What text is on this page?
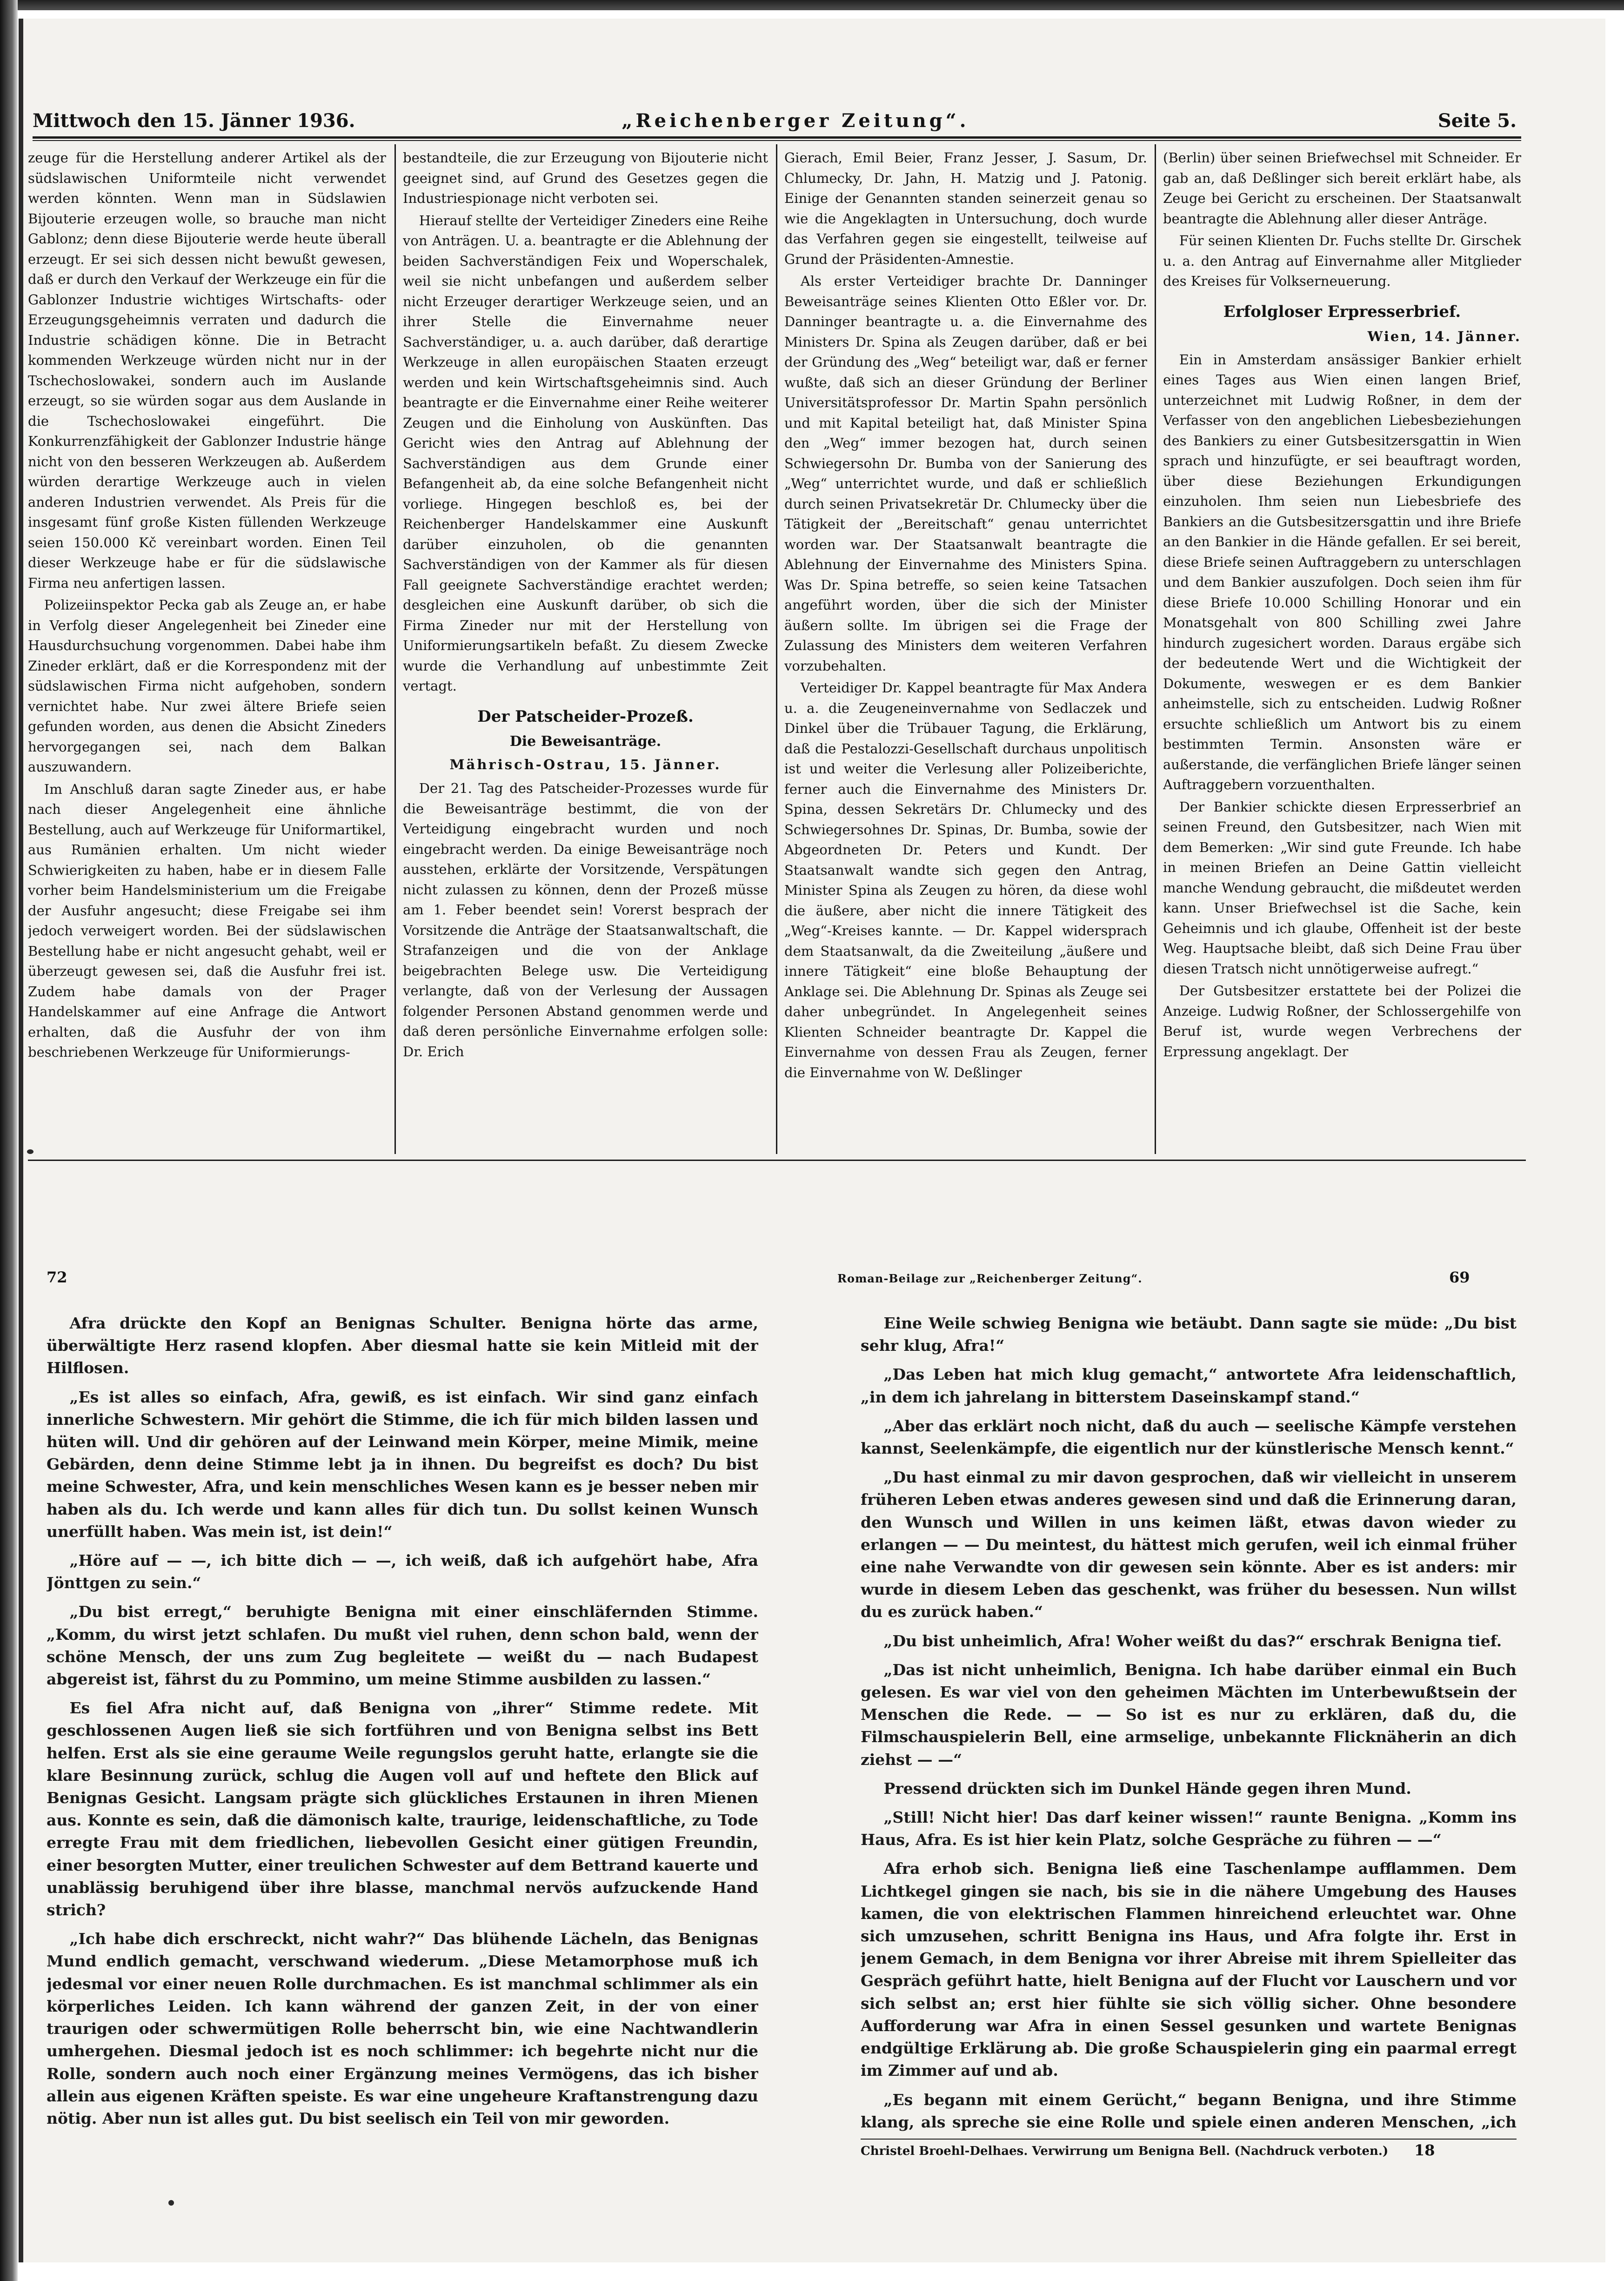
Mittwoch den 15. Jänner 1936.	„Reichenberger Zeitung“.	Seite 5.

zeuge für die Herstellung anderer Artikel als der südslawischen Uniformteile nicht verwendet werden könnten. Wenn man in Südslawien Bijouterie erzeugen wolle, so brauche man nicht Gablonz; denn diese Bijouterie werde heute überall erzeugt. Er sei sich dessen nicht bewußt gewesen, daß er durch den Verkauf der Werkzeuge ein für die Gablonzer Industrie wichtiges Wirtschafts- oder Erzeugungsgeheimnis verraten und dadurch die Industrie schädigen könne. Die in Betracht kommenden Werkzeuge würden nicht nur in der Tschechoslowakei, sondern auch im Auslande erzeugt, so sie würden sogar aus dem Auslande in die Tschechoslowakei eingeführt. Die Konkurrenzfähigkeit der Gablonzer Industrie hänge nicht von den besseren Werkzeugen ab. Außerdem würden derartige Werkzeuge auch in vielen anderen Industrien verwendet. Als Preis für die insgesamt fünf große Kisten füllenden Werkzeuge seien 150.000 Kč vereinbart worden. Einen Teil dieser Werkzeuge habe er für die südslawische Firma neu anfertigen lassen.

Polizeiinspektor Pecka gab als Zeuge an, er habe in Verfolg dieser Angelegenheit bei Zineder eine Hausdurchsuchung vorgenommen. Dabei habe ihm Zineder erklärt, daß er die Korrespondenz mit der südslawischen Firma nicht aufgehoben, sondern vernichtet habe. Nur zwei ältere Briefe seien gefunden worden, aus denen die Absicht Zineders hervorgegangen sei, nach dem Balkan auszuwandern.

Im Anschluß daran sagte Zineder aus, er habe nach dieser Angelegenheit eine ähnliche Bestellung, auch auf Werkzeuge für Uniformartikel, aus Rumänien erhalten. Um nicht wieder Schwierigkeiten zu haben, habe er in diesem Falle vorher beim Handelsministerium um die Freigabe der Ausfuhr angesucht; diese Freigabe sei ihm jedoch verweigert worden. Bei der südslawischen Bestellung habe er nicht angesucht gehabt, weil er überzeugt gewesen sei, daß die Ausfuhr frei ist. Zudem habe damals von der Prager Handelskammer auf eine Anfrage die Antwort erhalten, daß die Ausfuhr der von ihm beschriebenen Werkzeuge für Uniformierungs-

bestandteile, die zur Erzeugung von Bijouterie nicht geeignet sind, auf Grund des Gesetzes gegen die Industriespionage nicht verboten sei.

Hierauf stellte der Verteidiger Zineders eine Reihe von Anträgen. U. a. beantragte er die Ablehnung der beiden Sachverständigen Feix und Woperschalek, weil sie nicht unbefangen und außerdem selber nicht Erzeuger derartiger Werkzeuge seien, und an ihrer Stelle die Einvernahme neuer Sachverständiger, u. a. auch darüber, daß derartige Werkzeuge in allen europäischen Staaten erzeugt werden und kein Wirtschaftsgeheimnis sind. Auch beantragte er die Einvernahme einer Reihe weiterer Zeugen und die Einholung von Auskünften. Das Gericht wies den Antrag auf Ablehnung der Sachverständigen aus dem Grunde einer Befangenheit ab, da eine solche Befangenheit nicht vorliege. Hingegen beschloß es, bei der Reichenberger Handelskammer eine Auskunft darüber einzuholen, ob die genannten Sachverständigen von der Kammer als für diesen Fall geeignete Sachverständige erachtet werden; desgleichen eine Auskunft darüber, ob sich die Firma Zineder nur mit der Herstellung von Uniformierungsartikeln befaßt. Zu diesem Zwecke wurde die Verhandlung auf unbestimmte Zeit vertagt.

Der Patscheider-Prozeß.
Die Beweisanträge.
Mährisch-Ostrau, 15. Jänner.

Der 21. Tag des Patscheider-Prozesses wurde für die Beweisanträge bestimmt, die von der Verteidigung eingebracht wurden und noch eingebracht werden. Da einige Beweisanträge noch ausstehen, erklärte der Vorsitzende, Verspätungen nicht zulassen zu können, denn der Prozeß müsse am 1. Feber beendet sein! Vorerst besprach der Vorsitzende die Anträge der Staatsanwaltschaft, die Strafanzeigen und die von der Anklage beigebrachten Belege usw. Die Verteidigung verlangte, daß von der Verlesung der Aussagen folgender Personen Abstand genommen werde und daß deren persönliche Einvernahme erfolgen solle: Dr. Erich

Gierach, Emil Beier, Franz Jesser, J. Sasum, Dr. Chlumecky, Dr. Jahn, H. Matzig und J. Patonig. Einige der Genannten standen seinerzeit genau so wie die Angeklagten in Untersuchung, doch wurde das Verfahren gegen sie eingestellt, teilweise auf Grund der Präsidenten-Amnestie.

Als erster Verteidiger brachte Dr. Danninger Beweisanträge seines Klienten Otto Eßler vor. Dr. Danninger beantragte u. a. die Einvernahme des Ministers Dr. Spina als Zeugen darüber, daß er bei der Gründung des „Weg“ beteiligt war, daß er ferner wußte, daß sich an dieser Gründung der Berliner Universitätsprofessor Dr. Martin Spahn persönlich und mit Kapital beteiligt hat, daß Minister Spina den „Weg“ immer bezogen hat, durch seinen Schwiegersohn Dr. Bumba von der Sanierung des „Weg“ unterrichtet wurde, und daß er schließlich durch seinen Privatsekretär Dr. Chlumecky über die Tätigkeit der „Bereitschaft“ genau unterrichtet worden war. Der Staatsanwalt beantragte die Ablehnung der Einvernahme des Ministers Spina. Was Dr. Spina betreffe, so seien keine Tatsachen angeführt worden, über die sich der Minister äußern sollte. Im übrigen sei die Frage der Zulassung des Ministers dem weiteren Verfahren vorzubehalten.

Verteidiger Dr. Kappel beantragte für Max Andera u. a. die Zeugeneinvernahme von Sedlaczek und Dinkel über die Trübauer Tagung, die Erklärung, daß die Pestalozzi-Gesellschaft durchaus unpolitisch ist und weiter die Verlesung aller Polizeiberichte, ferner auch die Einvernahme des Ministers Dr. Spina, dessen Sekretärs Dr. Chlumecky und des Schwiegersohnes Dr. Spinas, Dr. Bumba, sowie der Abgeordneten Dr. Peters und Kundt. Der Staatsanwalt wandte sich gegen den Antrag, Minister Spina als Zeugen zu hören, da diese wohl die äußere, aber nicht die innere Tätigkeit des „Weg“-Kreises kannte. — Dr. Kappel widersprach dem Staatsanwalt, da die Zweiteilung „äußere und innere Tätigkeit“ eine bloße Behauptung der Anklage sei. Die Ablehnung Dr. Spinas als Zeuge sei daher unbegründet. In Angelegenheit seines Klienten Schneider beantragte Dr. Kappel die Einvernahme von dessen Frau als Zeugen, ferner die Einvernahme von W. Deßlinger

(Berlin) über seinen Briefwechsel mit Schneider. Er gab an, daß Deßlinger sich bereit erklärt habe, als Zeuge bei Gericht zu erscheinen. Der Staatsanwalt beantragte die Ablehnung aller dieser Anträge.

Für seinen Klienten Dr. Fuchs stellte Dr. Girschek u. a. den Antrag auf Einvernahme aller Mitglieder des Kreises für Volkserneuerung.

Erfolgloser Erpresserbrief.
Wien, 14. Jänner.

Ein in Amsterdam ansässiger Bankier erhielt eines Tages aus Wien einen langen Brief, unterzeichnet mit Ludwig Roßner, in dem der Verfasser von den angeblichen Liebesbeziehungen des Bankiers zu einer Gutsbesitzersgattin in Wien sprach und hinzufügte, er sei beauftragt worden, über diese Beziehungen Erkundigungen einzuholen. Ihm seien nun Liebesbriefe des Bankiers an die Gutsbesitzersgattin und ihre Briefe an den Bankier in die Hände gefallen. Er sei bereit, diese Briefe seinen Auftraggebern zu unterschlagen und dem Bankier auszufolgen. Doch seien ihm für diese Briefe 10.000 Schilling Honorar und ein Monatsgehalt von 800 Schilling zwei Jahre hindurch zugesichert worden. Daraus ergäbe sich der bedeutende Wert und die Wichtigkeit der Dokumente, weswegen er es dem Bankier anheimstelle, sich zu entscheiden. Ludwig Roßner ersuchte schließlich um Antwort bis zu einem bestimmten Termin. Ansonsten wäre er außerstande, die verfänglichen Briefe länger seinen Auftraggebern vorzuenthalten.

Der Bankier schickte diesen Erpresserbrief an seinen Freund, den Gutsbesitzer, nach Wien mit dem Bemerken: „Wir sind gute Freunde. Ich habe in meinen Briefen an Deine Gattin vielleicht manche Wendung gebraucht, die mißdeutet werden kann. Unser Briefwechsel ist die Sache, kein Geheimnis und ich glaube, Offenheit ist der beste Weg. Hauptsache bleibt, daß sich Deine Frau über diesen Tratsch nicht unnötigerweise aufregt.“

Der Gutsbesitzer erstattete bei der Polizei die Anzeige. Ludwig Roßner, der Schlossergehilfe von Beruf ist, wurde wegen Verbrechens der Erpressung angeklagt. Der

72	Roman-Beilage zur „Reichenberger Zeitung“.	69

Afra drückte den Kopf an Benignas Schulter. Benigna hörte das arme, überwältigte Herz rasend klopfen. Aber diesmal hatte sie kein Mitleid mit der Hilflosen.

„Es ist alles so einfach, Afra, gewiß, es ist einfach. Wir sind ganz einfach innerliche Schwestern. Mir gehört die Stimme, die ich für mich bilden lassen und hüten will. Und dir gehören auf der Leinwand mein Körper, meine Mimik, meine Gebärden, denn deine Stimme lebt ja in ihnen. Du begreifst es doch? Du bist meine Schwester, Afra, und kein menschliches Wesen kann es je besser neben mir haben als du. Ich werde und kann alles für dich tun. Du sollst keinen Wunsch unerfüllt haben. Was mein ist, ist dein!“

„Höre auf — —, ich bitte dich — —, ich weiß, daß ich aufgehört habe, Afra Jönttgen zu sein.“

„Du bist erregt,“ beruhigte Benigna mit einer einschläfernden Stimme. „Komm, du wirst jetzt schlafen. Du mußt viel ruhen, denn schon bald, wenn der schöne Mensch, der uns zum Zug begleitete — weißt du — nach Budapest abgereist ist, fährst du zu Pommino, um meine Stimme ausbilden zu lassen.“

Es fiel Afra nicht auf, daß Benigna von „ihrer“ Stimme redete. Mit geschlossenen Augen ließ sie sich fortführen und von Benigna selbst ins Bett helfen. Erst als sie eine geraume Weile regungslos geruht hatte, erlangte sie die klare Besinnung zurück, schlug die Augen voll auf und heftete den Blick auf Benignas Gesicht. Langsam prägte sich glückliches Erstaunen in ihren Mienen aus. Konnte es sein, daß die dämonisch kalte, traurige, leidenschaftliche, zu Tode erregte Frau mit dem friedlichen, liebevollen Gesicht einer gütigen Freundin, einer besorgten Mutter, einer treulichen Schwester auf dem Bettrand kauerte und unablässig beruhigend über ihre blasse, manchmal nervös aufzuckende Hand strich?

„Ich habe dich erschreckt, nicht wahr?“ Das blühende Lächeln, das Benignas Mund endlich gemacht, verschwand wiederum. „Diese Metamorphose muß ich jedesmal vor einer neuen Rolle durchmachen. Es ist manchmal schlimmer als ein körperliches Leiden. Ich kann während der ganzen Zeit, in der von einer traurigen oder schwermütigen Rolle beherrscht bin, wie eine Nachtwandlerin umhergehen. Diesmal jedoch ist es noch schlimmer: ich begehrte nicht nur die Rolle, sondern auch noch einer Ergänzung meines Vermögens, das ich bisher allein aus eigenen Kräften speiste. Es war eine ungeheure Kraftanstrengung dazu nötig. Aber nun ist alles gut. Du bist seelisch ein Teil von mir geworden.

Eine Weile schwieg Benigna wie betäubt. Dann sagte sie müde: „Du bist sehr klug, Afra!“

„Das Leben hat mich klug gemacht,“ antwortete Afra leidenschaftlich, „in dem ich jahrelang in bitterstem Daseinskampf stand.“

„Aber das erklärt noch nicht, daß du auch — seelische Kämpfe verstehen kannst, Seelenkämpfe, die eigentlich nur der künstlerische Mensch kennt.“

„Du hast einmal zu mir davon gesprochen, daß wir vielleicht in unserem früheren Leben etwas anderes gewesen sind und daß die Erinnerung daran, den Wunsch und Willen in uns keimen läßt, etwas davon wieder zu erlangen — — Du meintest, du hättest mich gerufen, weil ich einmal früher eine nahe Verwandte von dir gewesen sein könnte. Aber es ist anders: mir wurde in diesem Leben das geschenkt, was früher du besessen. Nun willst du es zurück haben.“

„Du bist unheimlich, Afra! Woher weißt du das?“ erschrak Benigna tief.

„Das ist nicht unheimlich, Benigna. Ich habe darüber einmal ein Buch gelesen. Es war viel von den geheimen Mächten im Unterbewußtsein der Menschen die Rede. — — So ist es nur zu erklären, daß du, die Filmschauspielerin Bell, eine armselige, unbekannte Flicknäherin an dich ziehst — —“

Pressend drückten sich im Dunkel Hände gegen ihren Mund.

„Still! Nicht hier! Das darf keiner wissen!“ raunte Benigna. „Komm ins Haus, Afra. Es ist hier kein Platz, solche Gespräche zu führen — —“

Afra erhob sich. Benigna ließ eine Taschenlampe aufflammen. Dem Lichtkegel gingen sie nach, bis sie in die nähere Umgebung des Hauses kamen, die von elektrischen Flammen hinreichend erleuchtet war. Ohne sich umzusehen, schritt Benigna ins Haus, und Afra folgte ihr. Erst in jenem Gemach, in dem Benigna vor ihrer Abreise mit ihrem Spielleiter das Gespräch geführt hatte, hielt Benigna auf der Flucht vor Lauschern und vor sich selbst an; erst hier fühlte sie sich völlig sicher. Ohne besondere Aufforderung war Afra in einen Sessel gesunken und wartete Benignas endgültige Erklärung ab. Die große Schauspielerin ging ein paarmal erregt im Zimmer auf und ab.

„Es begann mit einem Gerücht,“ begann Benigna, und ihre Stimme klang, als spreche sie eine Rolle und spiele einen anderen Menschen, „ich

Christel Broehl-Delhaes. Verwirrung um Benigna Bell. (Nachdruck verboten.) 18
